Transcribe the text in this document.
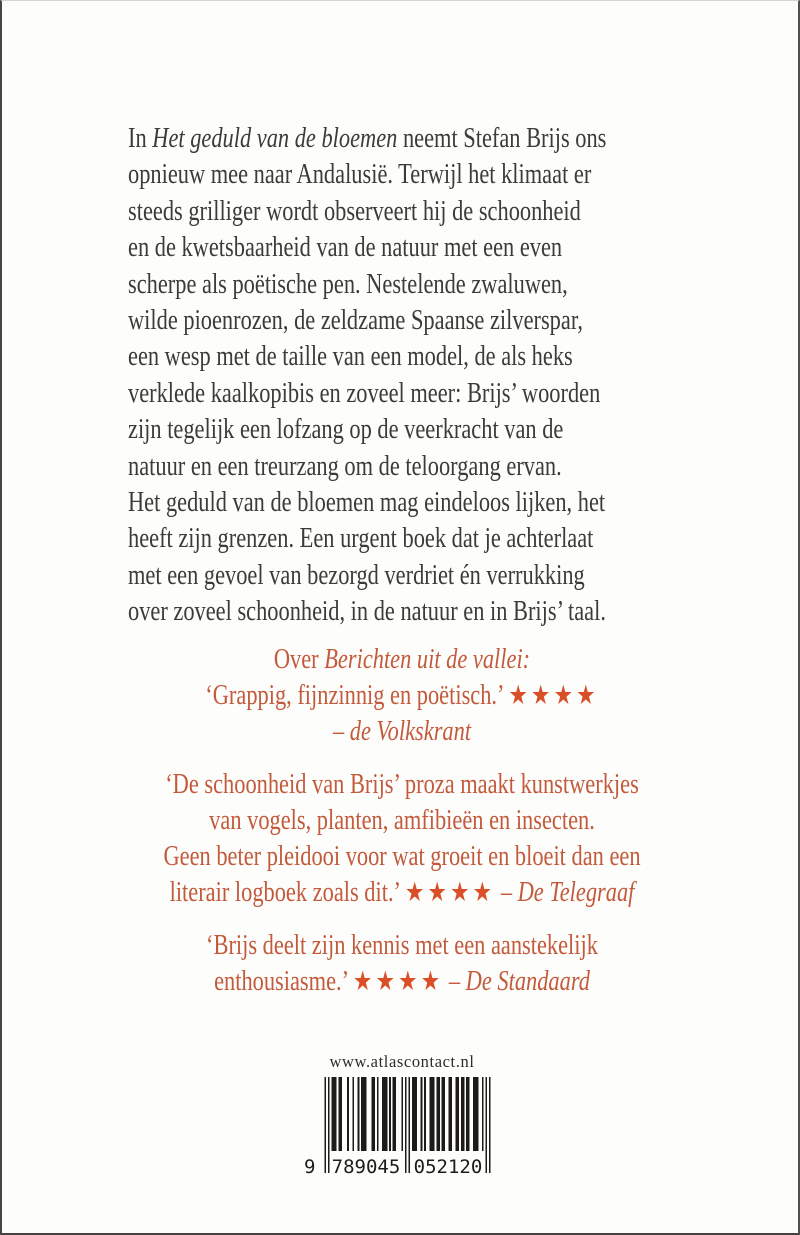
In Het geduld van de bloemen neemt Stefan Brijs ons
opnieuw mee naar Andalusië. Terwijl het klimaat er
steeds grilliger wordt observeert hij de schoonheid
en de kwetsbaarheid van de natuur met een even
scherpe als poëtische pen. Nestelende zwaluwen,
wilde pioenrozen, de zeldzame Spaanse zilverspar,
een wesp met de taille van een model, de als heks
verklede kaalkopibis en zoveel meer: Brijs’ woorden
zijn tegelijk een lofzang op de veerkracht van de
natuur en een treurzang om de teloorgang ervan.
Het geduld van de bloemen mag eindeloos lijken, het
heeft zijn grenzen. Een urgent boek dat je achterlaat
met een gevoel van bezorgd verdriet én verrukking
over zoveel schoonheid, in de natuur en in Brijs’ taal.
Over Berichten uit de vallei:
‘Grappig, fijnzinnig en poëtisch.’ ★★★★
– de Volkskrant
‘De schoonheid van Brijs’ proza maakt kunstwerkjes
van vogels, planten, amfibieën en insecten.
Geen beter pleidooi voor wat groeit en bloeit dan een
literair logboek zoals dit.’ ★★★★ – De Telegraaf
‘Brijs deelt zijn kennis met een aanstekelijk
enthousiasme.’ ★★★★ – De Standaard
www.atlascontact.nl
9 789045 052120
